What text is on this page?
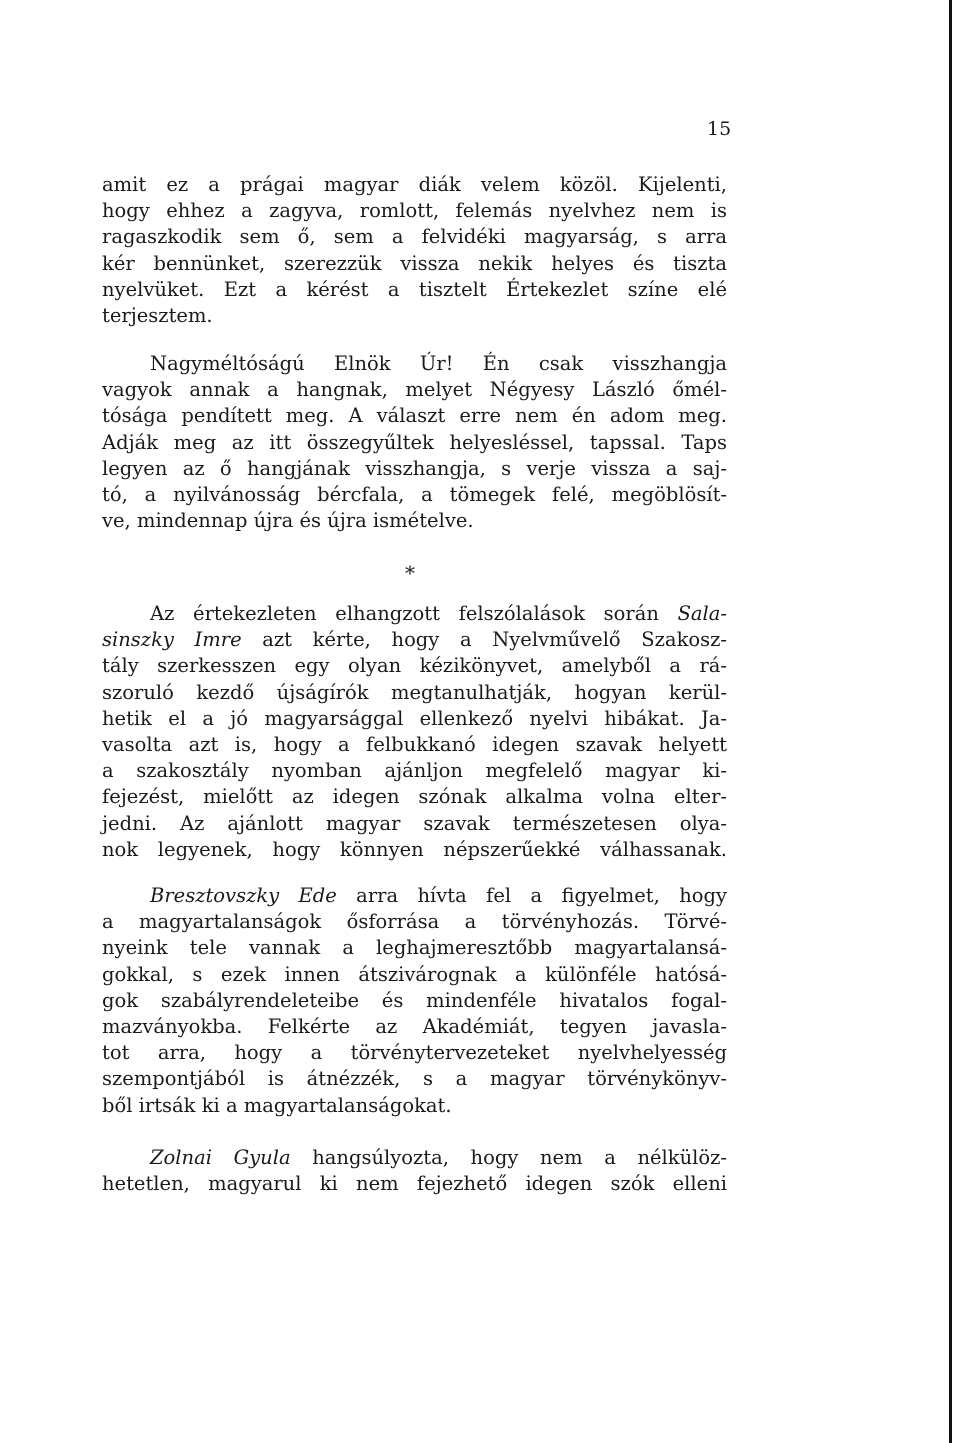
15
amit ez a prágai magyar diák velem közöl. Kijelenti,
hogy ehhez a zagyva, romlott, felemás nyelvhez nem is
ragaszkodik sem ő, sem a felvidéki magyarság, s arra
kér bennünket, szerezzük vissza nekik helyes és tiszta
nyelvüket. Ezt a kérést a tisztelt Értekezlet színe elé
terjesztem.
Nagyméltóságú Elnök Úr! Én csak visszhangja
vagyok annak a hangnak, melyet Négyesy László őmél-
tósága pendített meg. A választ erre nem én adom meg.
Adják meg az itt összegyűltek helyesléssel, tapssal. Taps
legyen az ő hangjának visszhangja, s verje vissza a saj-
tó, a nyilvánosság bércfala, a tömegek felé, megöblösít-
ve, mindennap újra és újra ismételve.
*
Az értekezleten elhangzott felszólalások során Sala-
sinszky Imre azt kérte, hogy a Nyelvművelő Szakosz-
tály szerkesszen egy olyan kézikönyvet, amelyből a rá-
szoruló kezdő újságírók megtanulhatják, hogyan kerül-
hetik el a jó magyarsággal ellenkező nyelvi hibákat. Ja-
vasolta azt is, hogy a felbukkanó idegen szavak helyett
a szakosztály nyomban ajánljon megfelelő magyar ki-
fejezést, mielőtt az idegen szónak alkalma volna elter-
jedni. Az ajánlott magyar szavak természetesen olya-
nok legyenek, hogy könnyen népszerűekké válhassanak.
Bresztovszky Ede arra hívta fel a figyelmet, hogy
a magyartalanságok ősforrása a törvényhozás. Törvé-
nyeink tele vannak a leghajmeresztőbb magyartalansá-
gokkal, s ezek innen átszivárognak a különféle hatósá-
gok szabályrendeleteibe és mindenféle hivatalos fogal-
mazványokba. Felkérte az Akadémiát, tegyen javasla-
tot arra, hogy a törvénytervezeteket nyelvhelyesség
szempontjából is átnézzék, s a magyar törvénykönyv-
ből irtsák ki a magyartalanságokat.
Zolnai Gyula hangsúlyozta, hogy nem a nélkülöz-
hetetlen, magyarul ki nem fejezhető idegen szók elleni
